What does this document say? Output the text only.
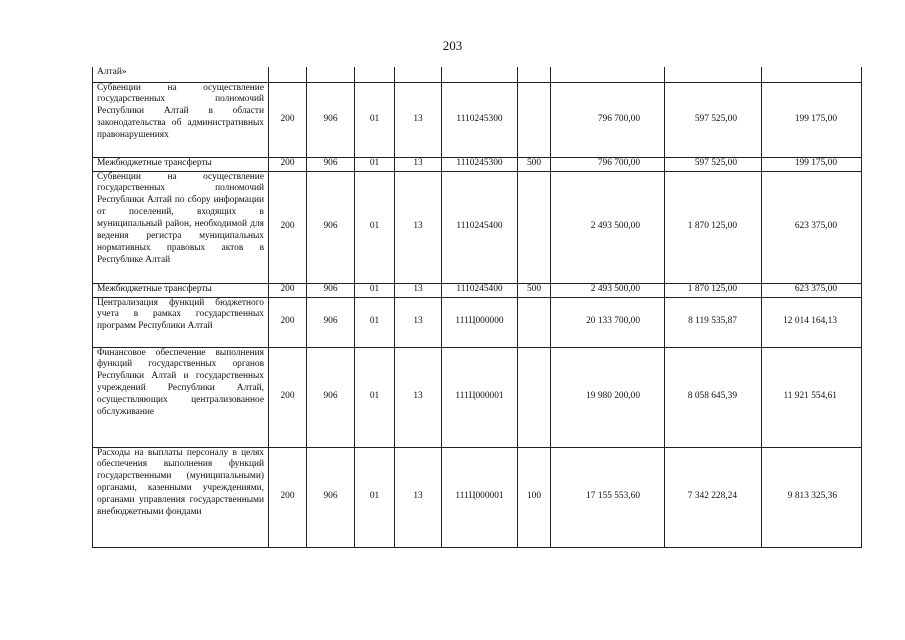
203
Алтай»									
Субвенции на осуществление государственных полномочий Республики Алтай в области законодательства об административных правонарушениях	200	906	01	13	1110245300		796 700,00	597 525,00	199 175,00
Межбюджетные трансферты	200	906	01	13	1110245300	500	796 700,00	597 525,00	199 175,00
Субвенции на осуществление государственных полномочий Республики Алтай по сбору информации от поселений, входящих в муниципальный район, необходимой для ведения регистра муниципальных нормативных правовых актов в Республике Алтай	200	906	01	13	1110245400		2 493 500,00	1 870 125,00	623 375,00
Межбюджетные трансферты	200	906	01	13	1110245400	500	2 493 500,00	1 870 125,00	623 375,00
Централизация функций бюджетного учета в рамках государственных программ Республики Алтай	200	906	01	13	111Ц000000		20 133 700,00	8 119 535,87	12 014 164,13
Финансовое обеспечение выполнения функций государственных органов Республики Алтай и государственных учреждений Республики Алтай, осуществляющих централизованное обслуживание	200	906	01	13	111Ц000001		19 980 200,00	8 058 645,39	11 921 554,61
Расходы на выплаты персоналу в целях обеспечения выполнения функций государственными (муниципальными) органами, казенными учреждениями, органами управления государственными внебюджетными фондами	200	906	01	13	111Ц000001	100	17 155 553,60	7 342 228,24	9 813 325,36
